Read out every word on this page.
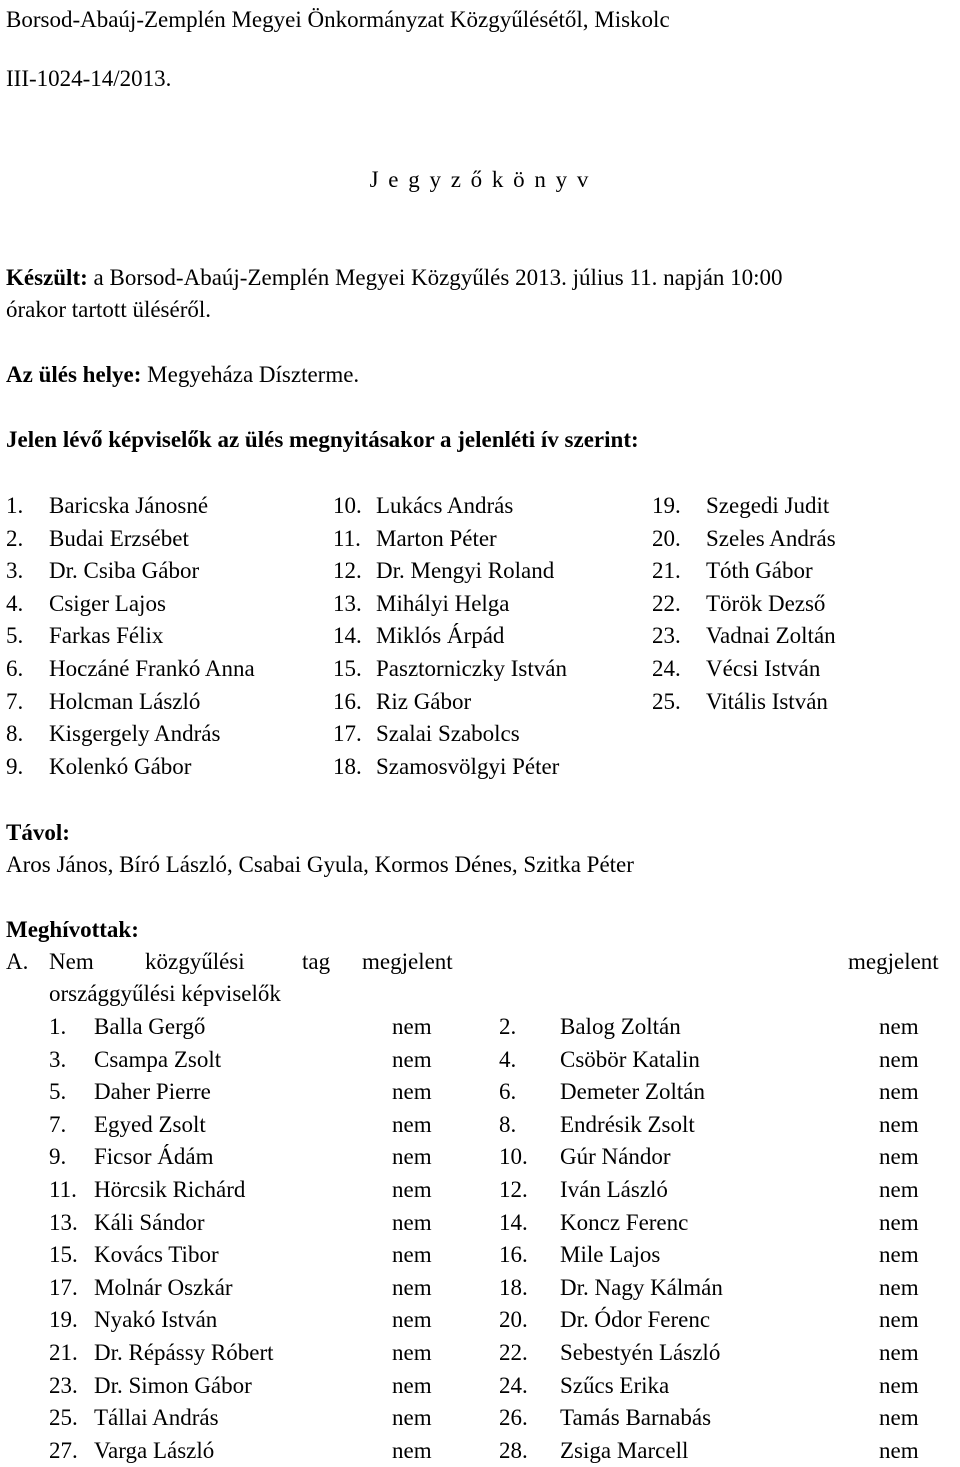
Borsod-Abaúj-Zemplén Megyei Önkormányzat Közgyűlésétől, Miskolc
III-1024-14/2013.
J e g y z ő k ö n y v
Készült: a Borsod-Abaúj-Zemplén Megyei Közgyűlés 2013. július 11. napján 10:00
órakor tartott üléséről.
Az ülés helye: Megyeháza Díszterme.
Jelen lévő képviselők az ülés megnyitásakor a jelenléti ív szerint:
1. Baricska Jánosné	10. Lukács András	19. Szegedi Judit
2. Budai Erzsébet	11. Marton Péter	20. Szeles András
3. Dr. Csiba Gábor	12. Dr. Mengyi Roland	21. Tóth Gábor
4. Csiger Lajos	13. Mihályi Helga	22. Török Dezső
5. Farkas Félix	14. Miklós Árpád	23. Vadnai Zoltán
6. Hoczáné Frankó Anna	15. Pasztorniczky István	24. Vécsi István
7. Holcman László	16. Riz Gábor	25. Vitális István
8. Kisgergely András	17. Szalai Szabolcs
9. Kolenkó Gábor	18. Szamosvölgyi Péter
Távol:
Aros János, Bíró László, Csabai Gyula, Kormos Dénes, Szitka Péter
Meghívottak:
A. Nem közgyűlési tag megjelent	megjelent
országgyűlési képviselők
1. Balla Gergő	nem	2. Balog Zoltán	nem
3. Csampa Zsolt	nem	4. Csöbör Katalin	nem
5. Daher Pierre	nem	6. Demeter Zoltán	nem
7. Egyed Zsolt	nem	8. Endrésik Zsolt	nem
9. Ficsor Ádám	nem	10. Gúr Nándor	nem
11. Hörcsik Richárd	nem	12. Iván László	nem
13. Káli Sándor	nem	14. Koncz Ferenc	nem
15. Kovács Tibor	nem	16. Mile Lajos	nem
17. Molnár Oszkár	nem	18. Dr. Nagy Kálmán	nem
19. Nyakó István	nem	20. Dr. Ódor Ferenc	nem
21. Dr. Répássy Róbert	nem	22. Sebestyén László	nem
23. Dr. Simon Gábor	nem	24. Szűcs Erika	nem
25. Tállai András	nem	26. Tamás Barnabás	nem
27. Varga László	nem	28. Zsiga Marcell	nem
